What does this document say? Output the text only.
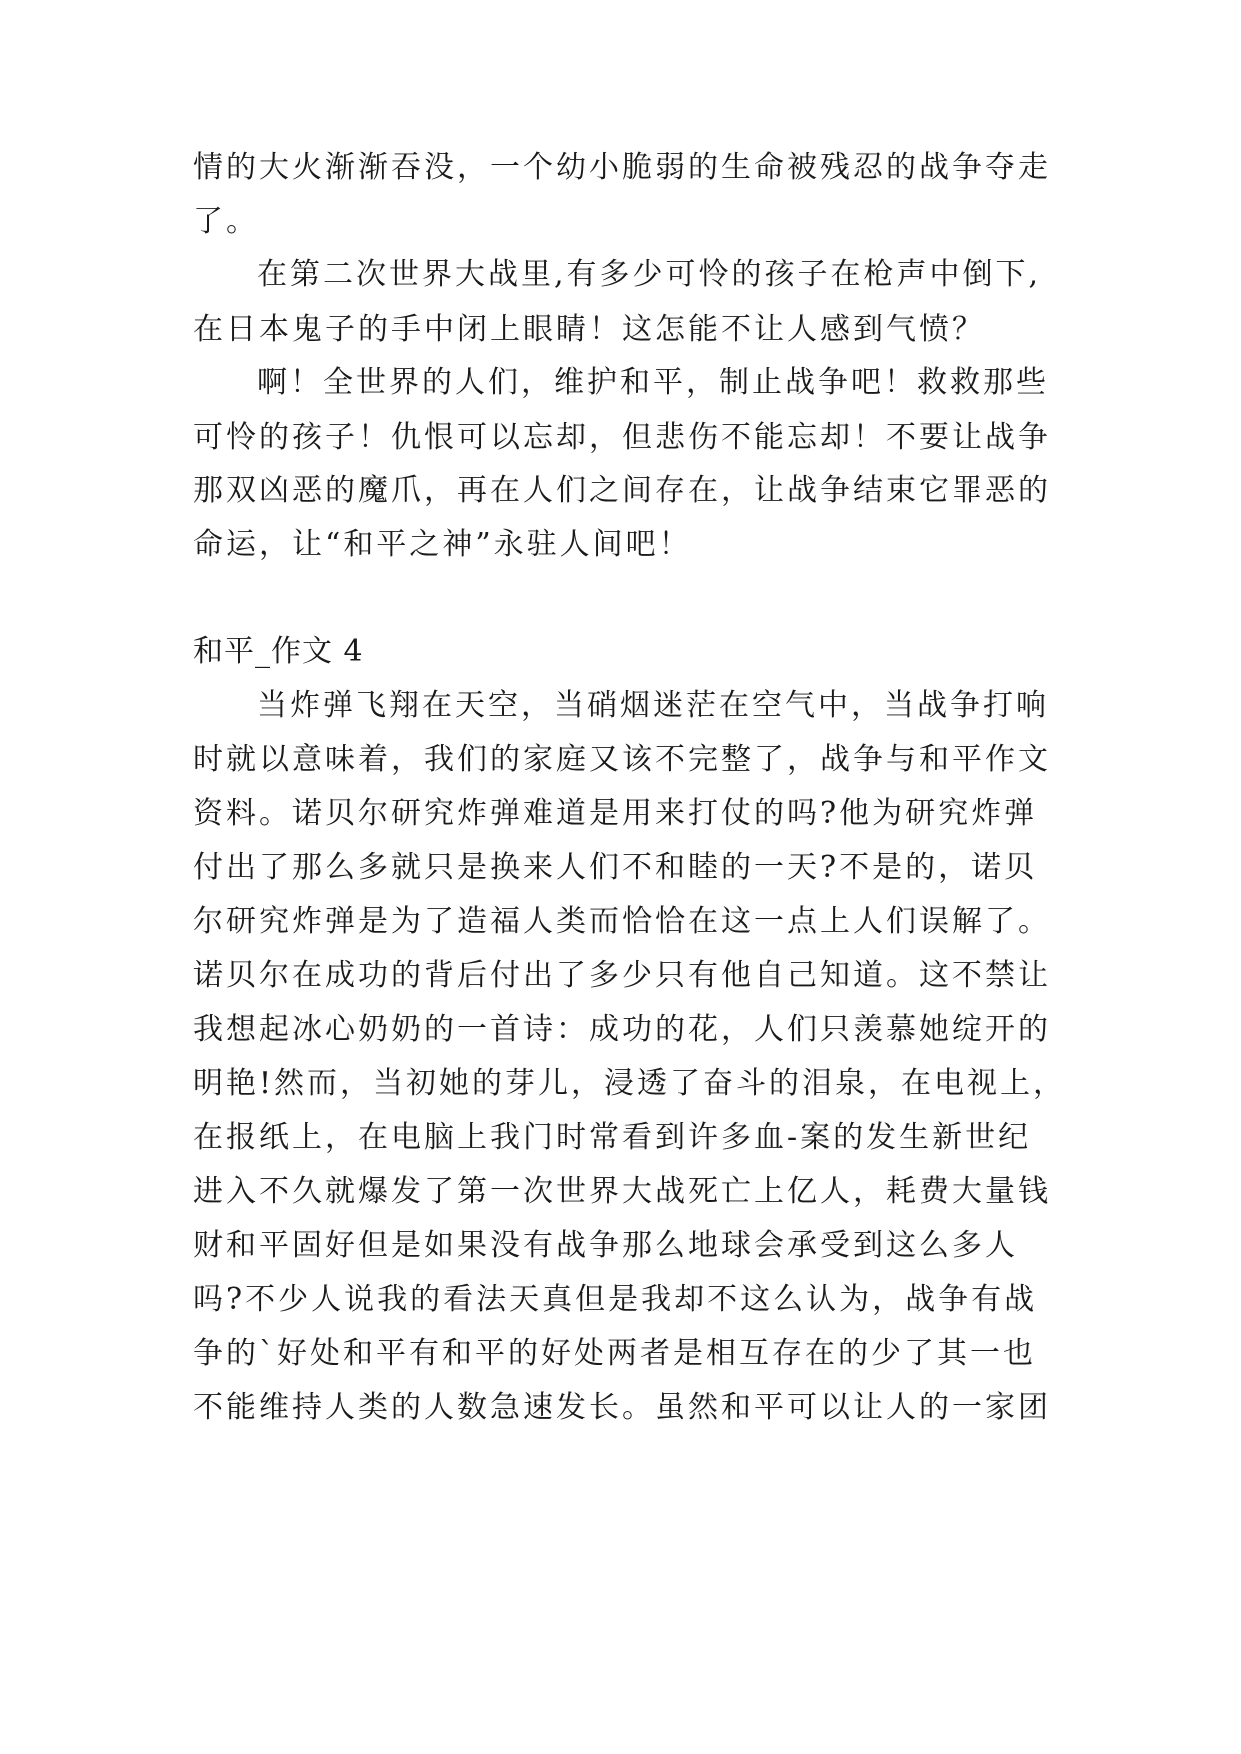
情的大火渐渐吞没，一个幼小脆弱的生命被残忍的战争夺走
了。
在第二次世界大战里,有多少可怜的孩子在枪声中倒下,
在日本鬼子的手中闭上眼睛！这怎能不让人感到气愤？
啊！全世界的人们，维护和平，制止战争吧！救救那些
可怜的孩子！仇恨可以忘却，但悲伤不能忘却！不要让战争
那双凶恶的魔爪，再在人们之间存在，让战争结束它罪恶的
命运，让“和平之神”永驻人间吧！
和平_作文 4
当炸弹飞翔在天空，当硝烟迷茫在空气中，当战争打响
时就以意味着，我们的家庭又该不完整了，战争与和平作文
资料。诺贝尔研究炸弹难道是用来打仗的吗?他为研究炸弹
付出了那么多就只是换来人们不和睦的一天?不是的，诺贝
尔研究炸弹是为了造福人类而恰恰在这一点上人们误解了。
诺贝尔在成功的背后付出了多少只有他自己知道。这不禁让
我想起冰心奶奶的一首诗：成功的花，人们只羡慕她绽开的
明艳!然而，当初她的芽儿，浸透了奋斗的泪泉，在电视上，
在报纸上，在电脑上我门时常看到许多血-案的发生新世纪
进入不久就爆发了第一次世界大战死亡上亿人，耗费大量钱
财和平固好但是如果没有战争那么地球会承受到这么多人
吗?不少人说我的看法天真但是我却不这么认为，战争有战
争的`好处和平有和平的好处两者是相互存在的少了其一也
不能维持人类的人数急速发长。虽然和平可以让人的一家团
